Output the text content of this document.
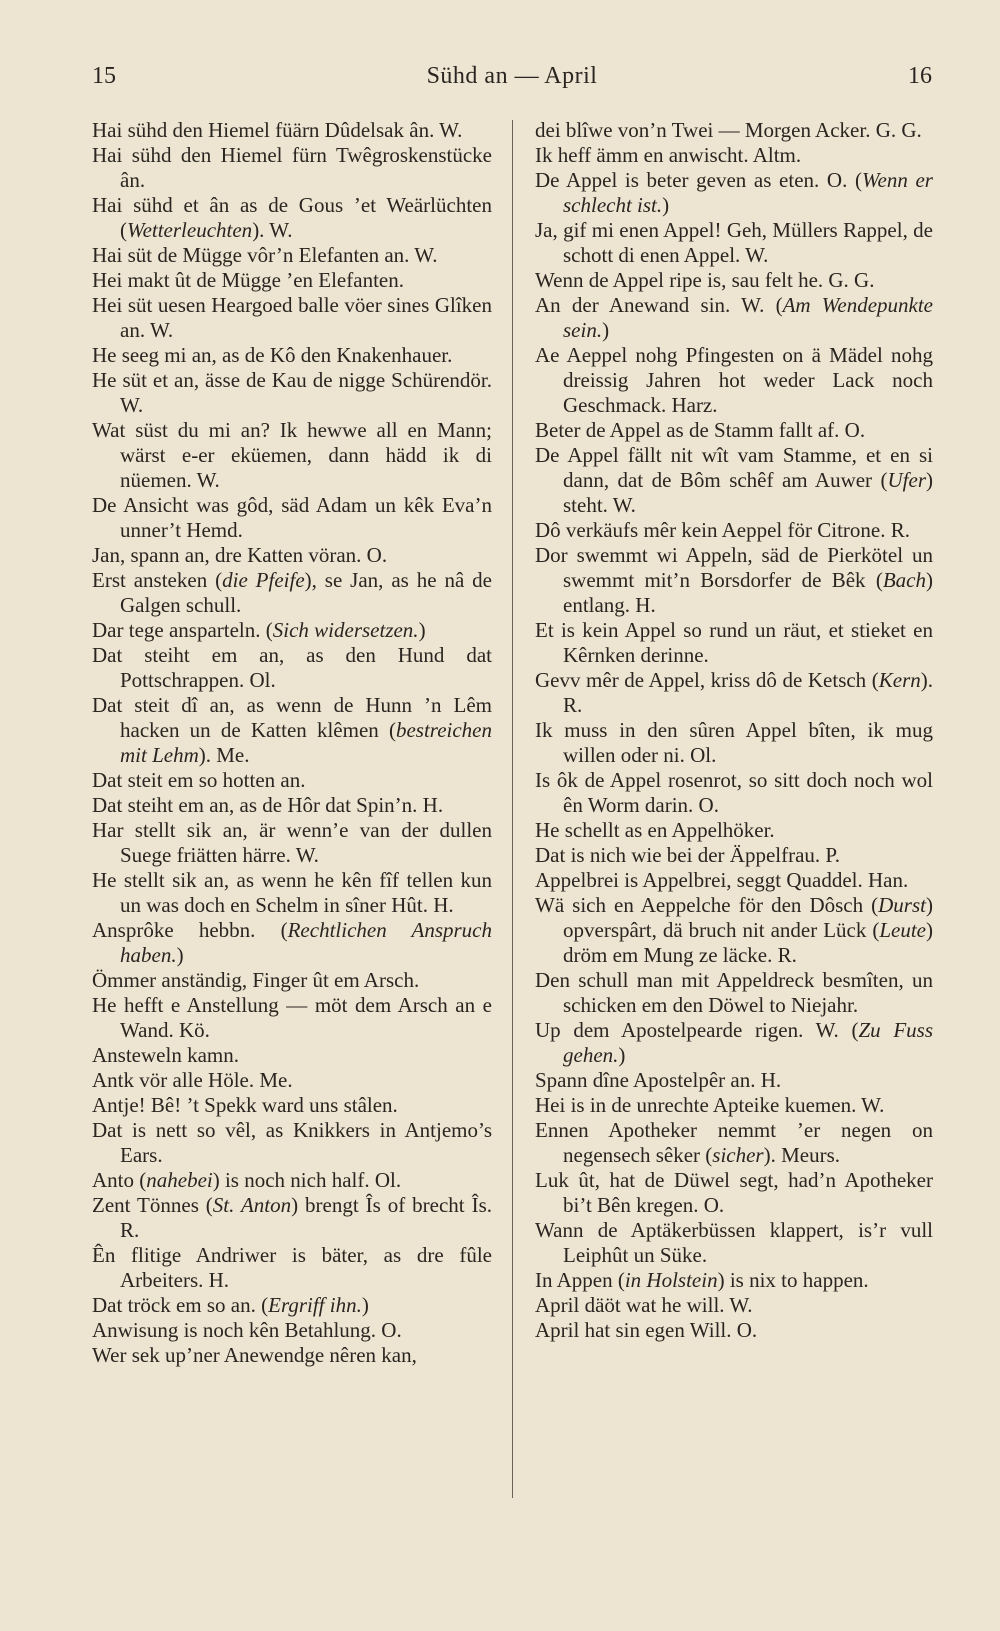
15	Sühd an — April	16

Hai sühd den Hiemel füärn Dûdelsak ân. W.

Hai sühd den Hiemel fürn Twêgroskenstücke ân.

Hai sühd et ân as de Gous ’et Weärlüchten (Wetterleuchten). W.

Hai süt de Mügge vôr’n Elefanten an. W.

Hei makt ût de Mügge ’en Elefanten.

Hei süt uesen Heargoed balle vöer sines Glîken an. W.

He seeg mi an, as de Kô den Knakenhauer.

He süt et an, ässe de Kau de nigge Schürendör. W.

Wat süst du mi an? Ik hewwe all en Mann; wärst e-er eküemen, dann hädd ik di nüemen. W.

De Ansicht was gôd, säd Adam un kêk Eva’n unner’t Hemd.

Jan, spann an, dre Katten vöran. O.

Erst ansteken (die Pfeife), se Jan, as he nâ de Galgen schull.

Dar tege ansparteln. (Sich widersetzen.)

Dat steiht em an, as den Hund dat Pottschrappen. Ol.

Dat steit dî an, as wenn de Hunn ’n Lêm hacken un de Katten klêmen (bestreichen mit Lehm). Me.

Dat steit em so hotten an.

Dat steiht em an, as de Hôr dat Spin’n. H.

Har stellt sik an, är wenn’e van der dullen Suege friätten härre. W.

He stellt sik an, as wenn he kên fîf tellen kun un was doch en Schelm in sîner Hût. H.

Ansprôke hebbn. (Rechtlichen Anspruch haben.)

Ömmer anständig, Finger ût em Arsch.

He hefft e Anstellung — möt dem Arsch an e Wand. Kö.

Ansteweln kamn.

Antk vör alle Höle. Me.

Antje! Bê! ’t Spekk ward uns stâlen.

Dat is nett so vêl, as Knikkers in Antjemo’s Ears.

Anto (nahebei) is noch nich half. Ol.

Zent Tönnes (St. Anton) brengt Îs of brecht Îs. R.

Ên flitige Andriwer is bäter, as dre fûle Arbeiters. H.

Dat tröck em so an. (Ergriff ihn.)

Anwisung is noch kên Betahlung. O.

Wer sek up’ner Anewendge nêren kan,

dei blîwe von’n Twei — Morgen Acker. G. G.

Ik heff ämm en anwischt. Altm.

De Appel is beter geven as eten. O. (Wenn er schlecht ist.)

Ja, gif mi enen Appel! Geh, Müllers Rappel, de schott di enen Appel. W.

Wenn de Appel ripe is, sau felt he. G. G.

An der Anewand sin. W. (Am Wendepunkte sein.)

Ae Aeppel nohg Pfingesten on ä Mädel nohg dreissig Jahren hot weder Lack noch Geschmack. Harz.

Beter de Appel as de Stamm fallt af. O.

De Appel fällt nit wît vam Stamme, et en si dann, dat de Bôm schêf am Auwer (Ufer) steht. W.

Dô verkäufs mêr kein Aeppel för Citrone. R.

Dor swemmt wi Appeln, säd de Pierkötel un swemmt mit’n Borsdorfer de Bêk (Bach) entlang. H.

Et is kein Appel so rund un räut, et stieket en Kêrnken derinne.

Gevv mêr de Appel, kriss dô de Ketsch (Kern). R.

Ik muss in den sûren Appel bîten, ik mug willen oder ni. Ol.

Is ôk de Appel rosenrot, so sitt doch noch wol ên Worm darin. O.

He schellt as en Appelhöker.

Dat is nich wie bei der Äppelfrau. P.

Appelbrei is Appelbrei, seggt Quaddel. Han.

Wä sich en Aeppelche för den Dôsch (Durst) opverspârt, dä bruch nit ander Lück (Leute) dröm em Mung ze läcke. R.

Den schull man mit Appeldreck besmîten, un schicken em den Döwel to Niejahr.

Up dem Apostelpearde rigen. W. (Zu Fuss gehen.)

Spann dîne Apostelpêr an. H.

Hei is in de unrechte Apteike kuemen. W.

Ennen Apotheker nemmt ’er negen on negensech sêker (sicher). Meurs.

Luk ût, hat de Düwel segt, had’n Apotheker bi’t Bên kregen. O.

Wann de Aptäkerbüssen klappert, is’r vull Leiphût un Süke.

In Appen (in Holstein) is nix to happen.

April däöt wat he will. W.

April hat sin egen Will. O.
